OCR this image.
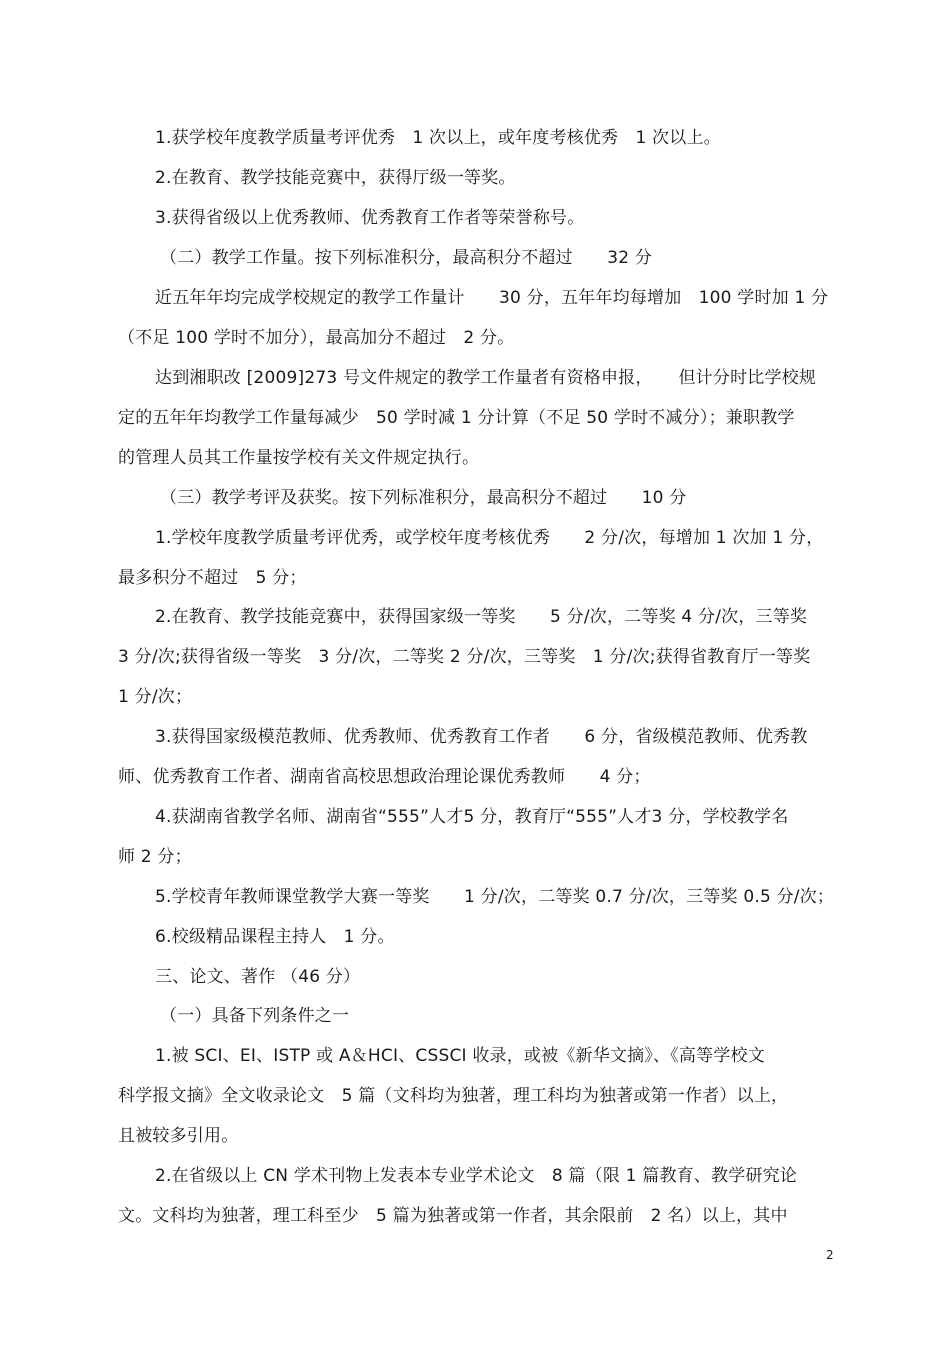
1.获学校年度教学质量考评优秀　1 次以上，或年度考核优秀　1 次以上。
2.在教育、教学技能竞赛中，获得厅级一等奖。
3.获得省级以上优秀教师、优秀教育工作者等荣誉称号。
（二）教学工作量。按下列标准积分，最高积分不超过　　32 分
近五年年均完成学校规定的教学工作量计　　30 分，五年年均每增加　100 学时加 1 分
（不足 100 学时不加分），最高加分不超过　2 分。
达到湘职改 [2009]273 号文件规定的教学工作量者有资格申报，　　但计分时比学校规
定的五年年均教学工作量每减少　50 学时减 1 分计算（不足 50 学时不减分）；兼职教学
的管理人员其工作量按学校有关文件规定执行。
（三）教学考评及获奖。按下列标准积分，最高积分不超过　　10 分
1.学校年度教学质量考评优秀，或学校年度考核优秀　　2 分/次，每增加 1 次加 1 分，
最多积分不超过　5 分；
2.在教育、教学技能竞赛中，获得国家级一等奖　　5 分/次，二等奖 4 分/次，三等奖
3 分/次;获得省级一等奖　3 分/次，二等奖 2 分/次，三等奖　1 分/次;获得省教育厅一等奖
1 分/次；
3.获得国家级模范教师、优秀教师、优秀教育工作者　　6 分，省级模范教师、优秀教
师、优秀教育工作者、湖南省高校思想政治理论课优秀教师　　4 分；
4.获湖南省教学名师、湖南省“555”人才5 分，教育厅“555”人才3 分，学校教学名
师 2 分；
5.学校青年教师课堂教学大赛一等奖　　1 分/次，二等奖 0.7 分/次，三等奖 0.5 分/次；
6.校级精品课程主持人　1 分。
三、论文、著作 （46 分）
（一）具备下列条件之一
1.被 SCI、EI、ISTP 或 A＆HCI、CSSCI 收录，或被《新华文摘》、《高等学校文
科学报文摘》全文收录论文　5 篇（文科均为独著，理工科均为独著或第一作者）以上，
且被较多引用。
2.在省级以上 CN 学术刊物上发表本专业学术论文　8 篇（限 1 篇教育、教学研究论
文。文科均为独著，理工科至少　5 篇为独著或第一作者，其余限前　2 名）以上，其中
2
